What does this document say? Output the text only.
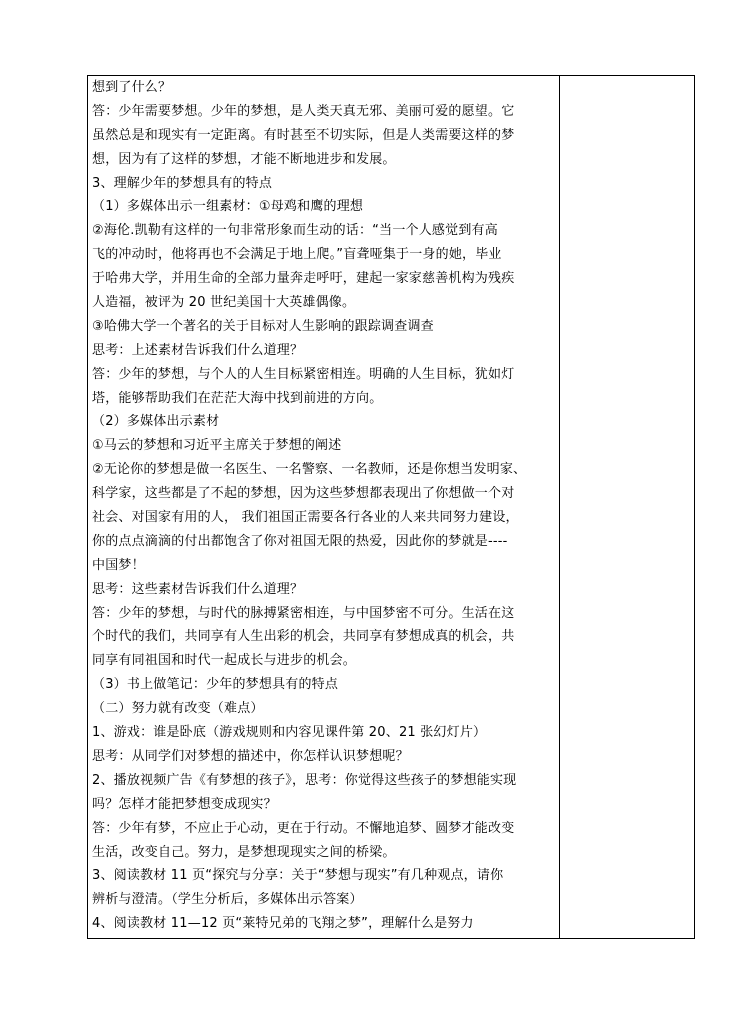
想到了什么？
答：少年需要梦想。少年的梦想，是人类天真无邪、美丽可爱的愿望。它
虽然总是和现实有一定距离。有时甚至不切实际，但是人类需要这样的梦
想，因为有了这样的梦想，才能不断地进步和发展。
3、理解少年的梦想具有的特点
（1）多媒体出示一组素材：①母鸡和鹰的理想
②海伦.凯勒有这样的一句非常形象而生动的话：“当一个人感觉到有高
飞的冲动时，他将再也不会满足于地上爬。”盲聋哑集于一身的她，毕业
于哈弗大学，并用生命的全部力量奔走呼吁，建起一家家慈善机构为残疾
人造福，被评为 20 世纪美国十大英雄偶像。
③哈佛大学一个著名的关于目标对人生影响的跟踪调查调查
思考：上述素材告诉我们什么道理？
答：少年的梦想，与个人的人生目标紧密相连。明确的人生目标，犹如灯
塔，能够帮助我们在茫茫大海中找到前进的方向。
（2）多媒体出示素材
①马云的梦想和习近平主席关于梦想的阐述
②无论你的梦想是做一名医生、一名警察、一名教师，还是你想当发明家、
科学家，这些都是了不起的梦想，因为这些梦想都表现出了你想做一个对
社会、对国家有用的人， 我们祖国正需要各行各业的人来共同努力建设，
你的点点滴滴的付出都饱含了你对祖国无限的热爱，因此你的梦就是----
中国梦！
思考：这些素材告诉我们什么道理？
答：少年的梦想，与时代的脉搏紧密相连，与中国梦密不可分。生活在这
个时代的我们，共同享有人生出彩的机会，共同享有梦想成真的机会，共
同享有同祖国和时代一起成长与进步的机会。
（3）书上做笔记：少年的梦想具有的特点
（二）努力就有改变（难点）
1、游戏：谁是卧底（游戏规则和内容见课件第 20、21 张幻灯片）
思考：从同学们对梦想的描述中，你怎样认识梦想呢？
2、播放视频广告《有梦想的孩子》，思考：你觉得这些孩子的梦想能实现
吗？怎样才能把梦想变成现实？
答：少年有梦，不应止于心动，更在于行动。不懈地追梦、圆梦才能改变
生活，改变自己。努力，是梦想现现实之间的桥梁。
3、阅读教材 11 页“探究与分享：关于“梦想与现实”有几种观点，请你
辨析与澄清。（学生分析后，多媒体出示答案）
4、阅读教材 11—12 页“莱特兄弟的飞翔之梦”，理解什么是努力
